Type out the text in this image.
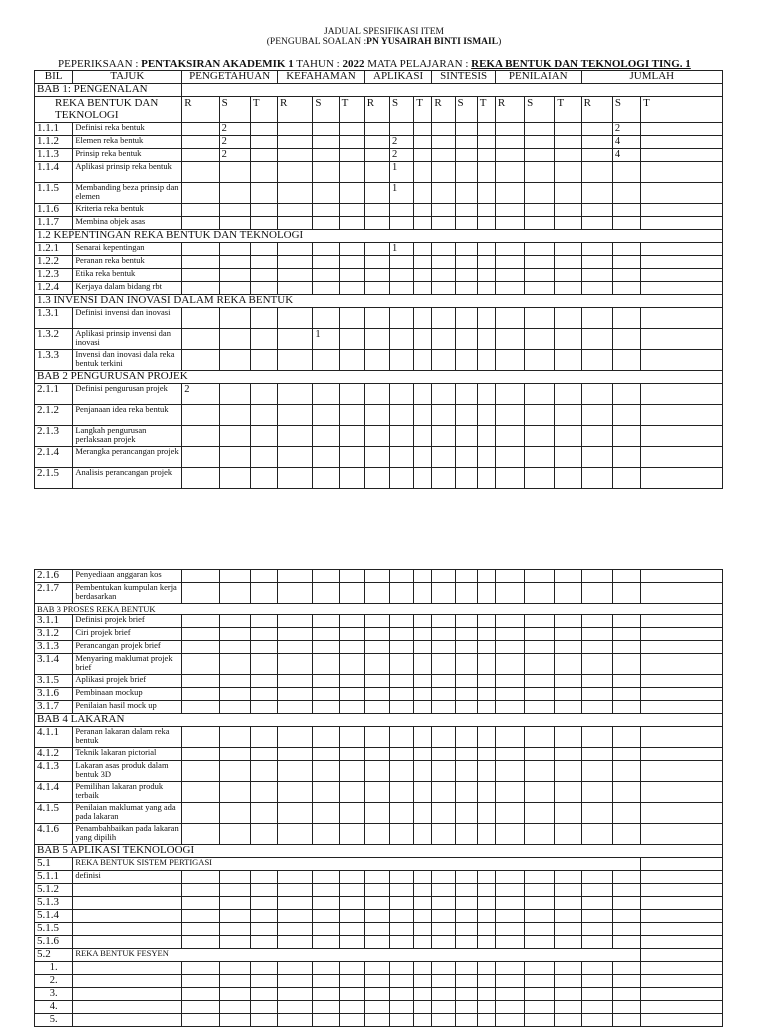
JADUAL SPESIFIKASI ITEM
(PENGUBAL SOALAN :PN YUSAIRAH BINTI ISMAIL)
PEPERIKSAAN : PENTAKSIRAN AKADEMIK 1 TAHUN : 2022 MATA PELAJARAN : REKA BENTUK DAN TEKNOLOGI TING. 1
BIL	TAJUK	PENGETAHUAN			KEFAHAMAN			APLIKASI			SINTESIS			PENILAIAN			JUMLAH		
BAB 1: PENGENALAN																			
REKA BENTUK DAN TEKNOLOGI		R	S	T	R	S	T	R	S	T	R	S	T	R	S	T	R	S	T
1.1.1	Definisi reka bentuk		2															2	
1.1.2	Elemen reka bentuk		2						2									4	
1.1.3	Prinsip reka bentuk		2						2									4	
1.1.4	Aplikasi prinsip reka bentuk								1										
1.1.5	Membanding beza prinsip dan elemen								1										
1.1.6	Kriteria reka bentuk																		
1.1.7	Membina objek asas																		
1.2 KEPENTINGAN REKA BENTUK DAN TEKNOLOGI																			
1.2.1	Senarai kepentingan								1										
1.2.2	Peranan reka bentuk																		
1.2.3	Etika reka bentuk																		
1.2.4	Kerjaya dalam bidang rbt																		
1.3 INVENSI DAN INOVASI DALAM REKA BENTUK																			
1.3.1	Definisi invensi dan inovasi																		
1.3.2	Aplikasi prinsip invensi dan inovasi					1													
1.3.3	Invensi dan inovasi dala reka bentuk terkini																		
BAB 2 PENGURUSAN PROJEK																			
2.1.1	Definisi pengurusan projek	2																	
2.1.2	Penjanaan idea reka bentuk																		
2.1.3	Langkah pengurusan perlaksaan projek																		
2.1.4	Merangka perancangan projek																		
2.1.5	Analisis perancangan projek																		
2.1.6	Penyediaan anggaran kos																		
2.1.7	Pembentukan kumpulan kerja berdasarkan																		
BAB 3 PROSES REKA BENTUK																			
3.1.1	Definisi projek brief																		
3.1.2	Ciri projek brief																		
3.1.3	Perancangan projek brief																		
3.1.4	Menyaring maklumat projek brief																		
3.1.5	Aplikasi projek brief																		
3.1.6	Pembinaan mockup																		
3.1.7	Penilaian hasil mock up																		
BAB 4 LAKARAN																			
4.1.1	Peranan lakaran dalam reka bentuk																		
4.1.2	Teknik lakaran pictorial																		
4.1.3	Lakaran asas produk dalam bentuk 3D																		
4.1.4	Pemilihan lakaran produk terbaik																		
4.1.5	Penilaian maklumat yang ada pada lakaran																		
4.1.6	Penambahbaikan pada lakaran yang dipilih																		
BAB 5 APLIKASI TEKNOLOOGI																			
5.1	REKA BENTUK SISTEM PERTIGASI																		
5.1.1	definisi																		
5.1.2																			
5.1.3																			
5.1.4																			
5.1.5																			
5.1.6																			
5.2	REKA BENTUK FESYEN																		
1.																			
2.																			
3.																			
4.																			
5.																			
